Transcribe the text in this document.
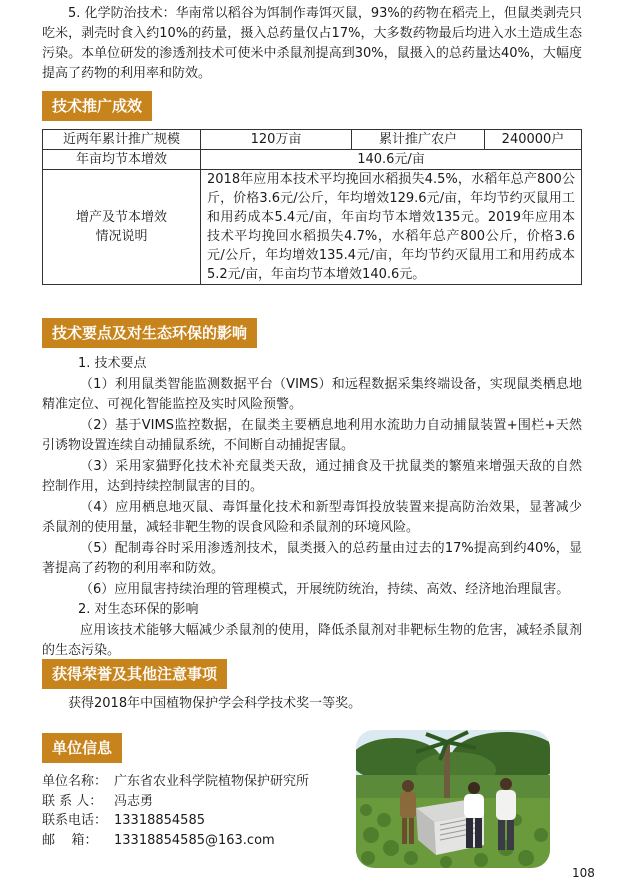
5. 化学防治技术：华南常以稻谷为饵制作毒饵灭鼠，93%的药物在稻壳上，但鼠类剥壳只吃米，剥壳时食入约10%的药量，摄入总药量仅占17%，大多数药物最后均进入水土造成生态污染。本单位研发的渗透剂技术可使米中杀鼠剂提高到30%，鼠摄入的总药量达40%，大幅度提高了药物的利用率和防效。

技术推广成效
近两年累计推广规模	120万亩	累计推广农户	240000户
年亩均节本增效	140.6元/亩		

增产及节本增效
情况说明	2018年应用本技术平均挽回水稻损失4.5%，水稻年总产800公斤，价格3.6元/公斤，年均增效129.6元/亩，年均节约灭鼠用工和用药成本5.4元/亩，年亩均节本增效135元。2019年应用本技术平均挽回水稻损失4.7%，水稻年总产800公斤，价格3.6元/公斤，年均增效135.4元/亩，年均节约灭鼠用工和用药成本5.2元/亩，年亩均节本增效140.6元。		
技术要点及对生态环保的影响

1. 技术要点

（1）利用鼠类智能监测数据平台（VIMS）和远程数据采集终端设备，实现鼠类栖息地精准定位、可视化智能监控及实时风险预警。

（2）基于VIMS监控数据，在鼠类主要栖息地利用水流助力自动捕鼠装置+围栏+天然引诱物设置连续自动捕鼠系统，不间断自动捕捉害鼠。

（3）采用家猫野化技术补充鼠类天敌，通过捕食及干扰鼠类的繁殖来增强天敌的自然控制作用，达到持续控制鼠害的目的。

（4）应用栖息地灭鼠、毒饵量化技术和新型毒饵投放装置来提高防治效果，显著减少杀鼠剂的使用量，减轻非靶生物的误食风险和杀鼠剂的环境风险。

（5）配制毒谷时采用渗透剂技术，鼠类摄入的总药量由过去的17%提高到约40%，显著提高了药物的利用率和防效。

（6）应用鼠害持续治理的管理模式，开展统防统治，持续、高效、经济地治理鼠害。

2. 对生态环保的影响

应用该技术能够大幅减少杀鼠剂的使用，降低杀鼠剂对非靶标生物的危害，减轻杀鼠剂的生态污染。

获得荣誉及其他注意事项

获得2018年中国植物保护学会科学技术奖一等奖。

单位信息
单位名称： 广东省农业科学院植物保护研究所
联 系 人： 冯志勇
联系电话： 13318854585
邮    箱：	13318854585@163.com
108
